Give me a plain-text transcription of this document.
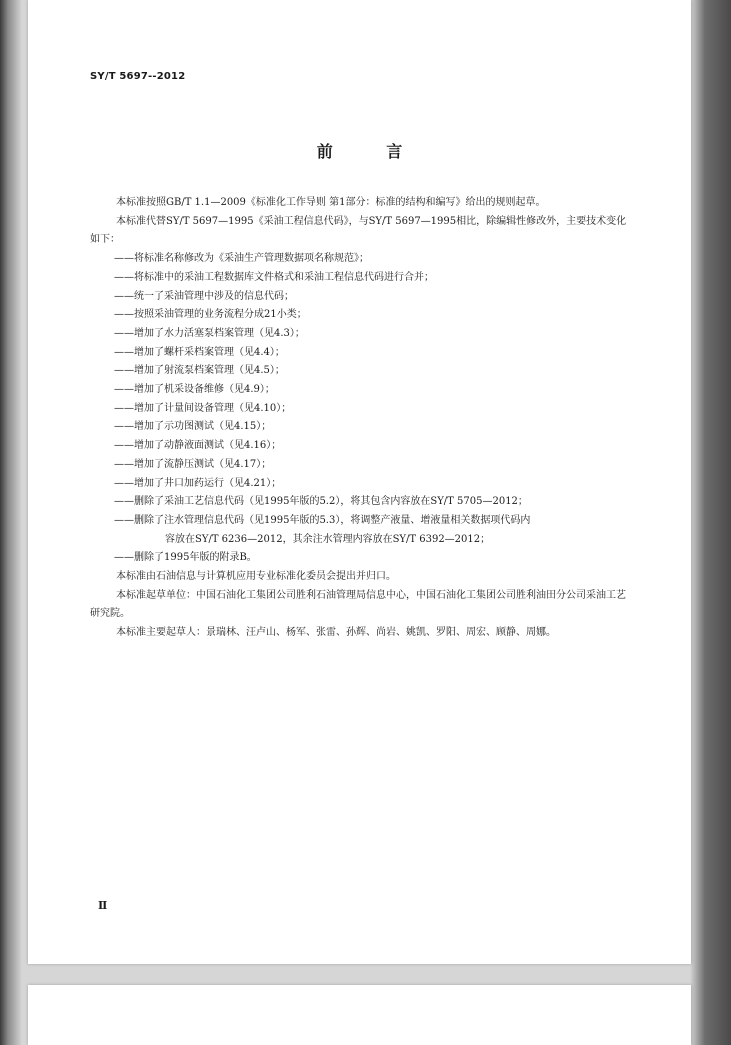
SY/T 5697--2012
前 言

本标准按照GB/T 1.1—2009《标准化工作导则 第1部分：标准的结构和编写》给出的规则起草。

本标准代替SY/T 5697—1995《采油工程信息代码》，与SY/T 5697—1995相比，除编辑性修改外，主要技术变化如下：

——将标准名称修改为《采油生产管理数据项名称规范》；
——将标准中的采油工程数据库文件格式和采油工程信息代码进行合并；
——统一了采油管理中涉及的信息代码；
——按照采油管理的业务流程分成21小类；
——增加了水力活塞泵档案管理（见4.3）；
——增加了螺杆采档案管理（见4.4）；
——增加了射流泵档案管理（见4.5）；
——增加了机采设备维修（见4.9）；
——增加了计量间设备管理（见4.10）；
——增加了示功图测试（见4.15）；
——增加了动静液面测试（见4.16）；
——增加了流静压测试（见4.17）；
——增加了井口加药运行（见4.21）；
——删除了采油工艺信息代码（见1995年版的5.2），将其包含内容放在SY/T 5705—2012；
——删除了注水管理信息代码（见1995年版的5.3），将调整产液量、增液量相关数据项代码内
容放在SY/T 6236—2012，其余注水管理内容放在SY/T 6392—2012；
——删除了1995年版的附录B。

本标准由石油信息与计算机应用专业标准化委员会提出并归口。

本标准起草单位：中国石油化工集团公司胜利石油管理局信息中心，中国石油化工集团公司胜利油田分公司采油工艺研究院。

本标准主要起草人：景瑞林、汪卢山、杨军、张雷、孙辉、尚岩、姚凯、罗阳、周宏、顾静、周娜。

Ⅱ
